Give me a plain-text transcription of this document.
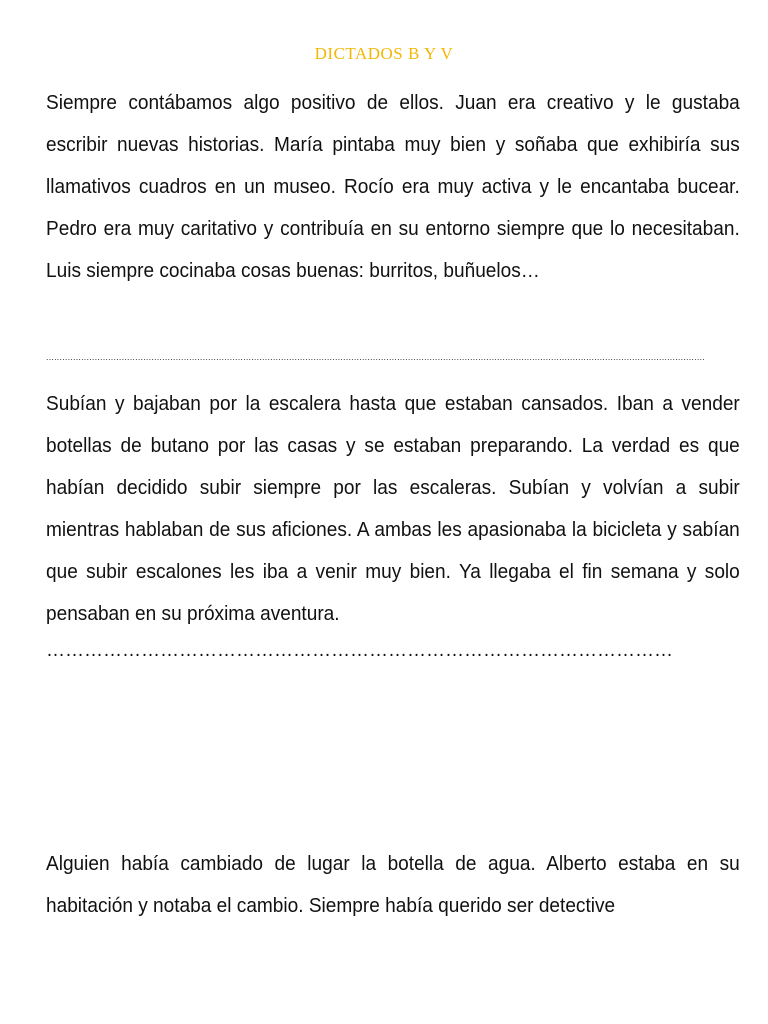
DICTADOS B Y V

Siempre contábamos algo positivo de ellos. Juan era creativo y le gustaba escribir nuevas historias. María pintaba muy bien y soñaba que exhibiría sus llamativos cuadros en un museo. Rocío era muy activa y le encantaba bucear. Pedro era muy caritativo y contribuía en su entorno siempre que lo necesitaban. Luis siempre cocinaba cosas buenas: burritos, buñuelos…

....................................................................................................................................................................................................................................................

Subían y bajaban por la escalera hasta que estaban cansados. Iban a vender botellas de butano por las casas y se estaban preparando. La verdad es que habían decidido subir siempre por las escaleras. Subían y volvían a subir mientras hablaban de sus aficiones. A ambas les apasionaba la bicicleta y sabían que subir escalones les iba a venir muy bien. Ya llegaba el fin semana y solo pensaban en su próxima aventura.

………………………………………………………………………………………

Alguien había cambiado de lugar la botella de agua. Alberto estaba en su habitación y notaba el cambio. Siempre había querido ser detective
